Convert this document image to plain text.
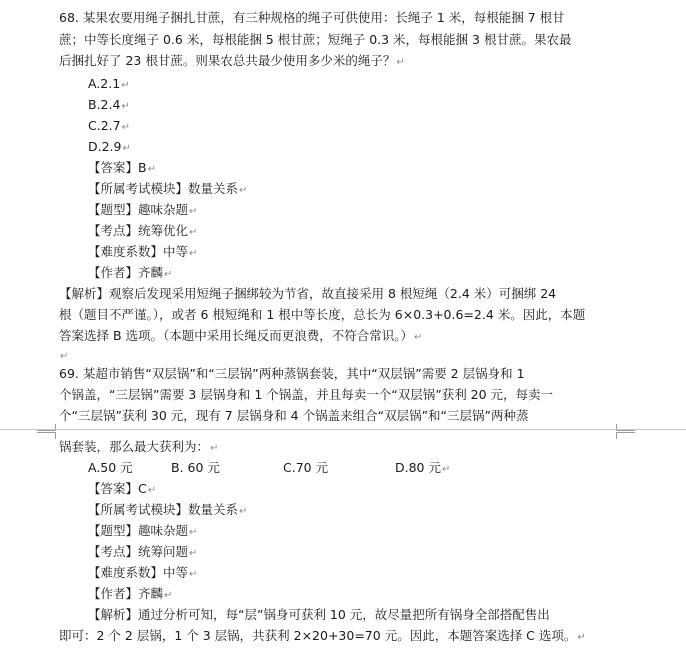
68. 某果农要用绳子捆扎甘蔗，有三种规格的绳子可供使用：长绳子 1 米，每根能捆 7 根甘
蔗；中等长度绳子 0.6 米，每根能捆 5 根甘蔗；短绳子 0.3 米，每根能捆 3 根甘蔗。果农最
后捆扎好了 23 根甘蔗。则果农总共最少使用多少米的绳子？↵
A.2.1↵
B.2.4↵
C.2.7↵
D.2.9↵
【答案】B↵
【所属考试模块】数量关系↵
【题型】趣味杂题↵
【考点】统筹优化↵
【难度系数】中等↵
【作者】齐麟↵
【解析】观察后发现采用短绳子捆绑较为节省，故直接采用 8 根短绳（2.4 米）可捆绑 24
根（题目不严谨。），或者 6 根短绳和 1 根中等长度，总长为 6×0.3+0.6=2.4 米。因此，本题
答案选择 B 选项。（本题中采用长绳反而更浪费，不符合常识。）↵
↵
69. 某超市销售“双层锅”和“三层锅”两种蒸锅套装，其中“双层锅”需要 2 层锅身和 1
个锅盖，“三层锅”需要 3 层锅身和 1 个锅盖，并且每卖一个“双层锅”获利 20 元，每卖一
个“三层锅”获利 30 元，现有 7 层锅身和 4 个锅盖来组合“双层锅”和“三层锅”两种蒸
锅套装，那么最大获利为：↵
A.50 元	B. 60 元	C.70 元	D.80 元↵
【答案】C↵
【所属考试模块】数量关系↵
【题型】趣味杂题↵
【考点】统筹问题↵
【难度系数】中等↵
【作者】齐麟↵
【解析】通过分析可知，每“层”锅身可获利 10 元，故尽量把所有锅身全部搭配售出
即可：2 个 2 层锅，1 个 3 层锅，共获利 2×20+30=70 元。因此，本题答案选择 C 选项。↵
